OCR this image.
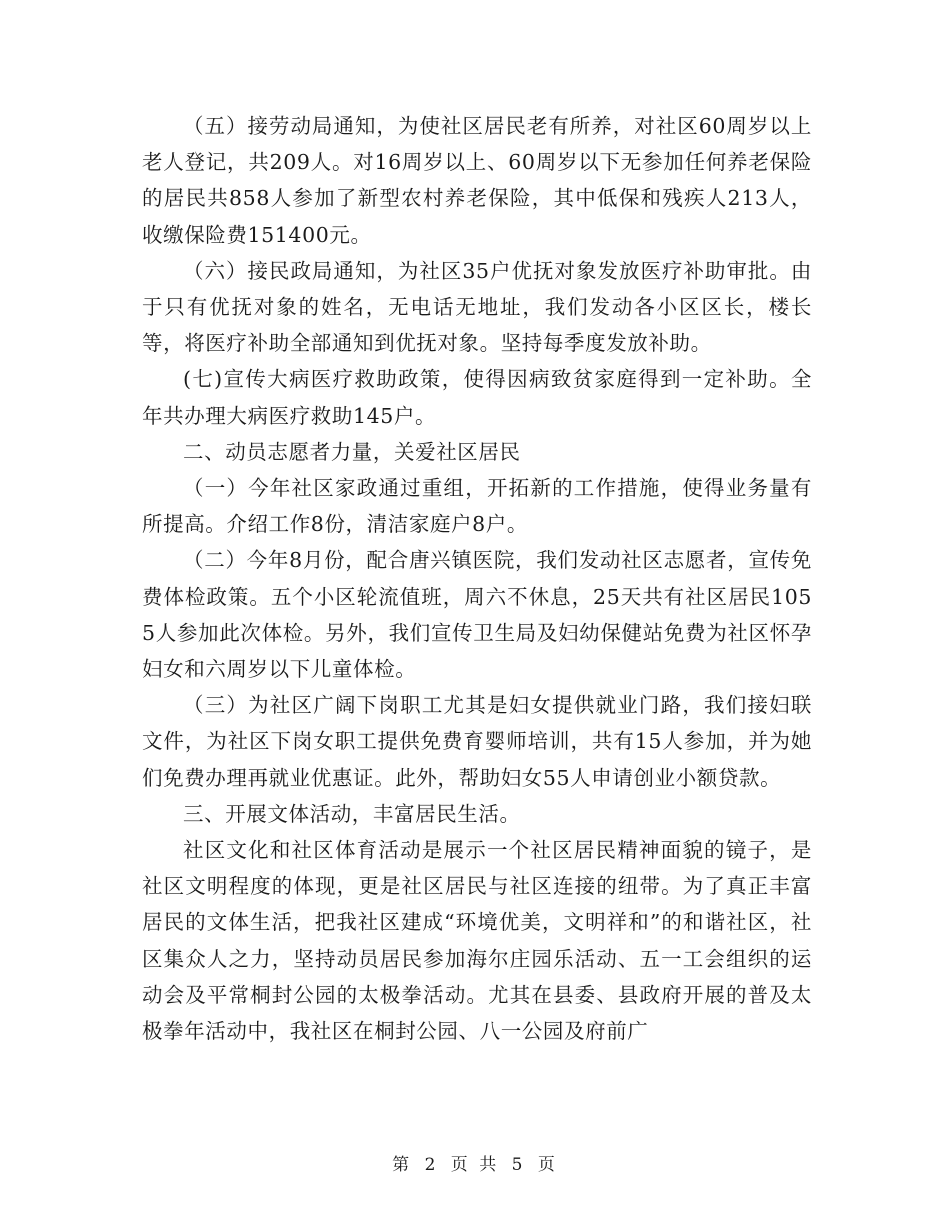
（五）接劳动局通知，为使社区居民老有所养，对社区60周岁以上老人登记，共209人。对16周岁以上、60周岁以下无参加任何养老保险的居民共858人参加了新型农村养老保险，其中低保和残疾人213人，收缴保险费151400元。

（六）接民政局通知，为社区35户优抚对象发放医疗补助审批。由于只有优抚对象的姓名，无电话无地址，我们发动各小区区长，楼长等，将医疗补助全部通知到优抚对象。坚持每季度发放补助。

(七)宣传大病医疗救助政策，使得因病致贫家庭得到一定补助。全年共办理大病医疗救助145户。

二、动员志愿者力量，关爱社区居民

（一）今年社区家政通过重组，开拓新的工作措施，使得业务量有所提高。介绍工作8份，清洁家庭户8户。

（二）今年8月份，配合唐兴镇医院，我们发动社区志愿者，宣传免费体检政策。五个小区轮流值班，周六不休息，25天共有社区居民1055人参加此次体检。另外，我们宣传卫生局及妇幼保健站免费为社区怀孕妇女和六周岁以下儿童体检。

（三）为社区广阔下岗职工尤其是妇女提供就业门路，我们接妇联文件，为社区下岗女职工提供免费育婴师培训，共有15人参加，并为她们免费办理再就业优惠证。此外，帮助妇女55人申请创业小额贷款。

三、开展文体活动，丰富居民生活。

社区文化和社区体育活动是展示一个社区居民精神面貌的镜子，是社区文明程度的体现，更是社区居民与社区连接的纽带。为了真正丰富居民的文体生活，把我社区建成“环境优美，文明祥和”的和谐社区，社区集众人之力，坚持动员居民参加海尔庄园乐活动、五一工会组织的运动会及平常桐封公园的太极拳活动。尤其在县委、县政府开展的普及太极拳年活动中，我社区在桐封公园、八一公园及府前广

第 2 页 共 5 页
